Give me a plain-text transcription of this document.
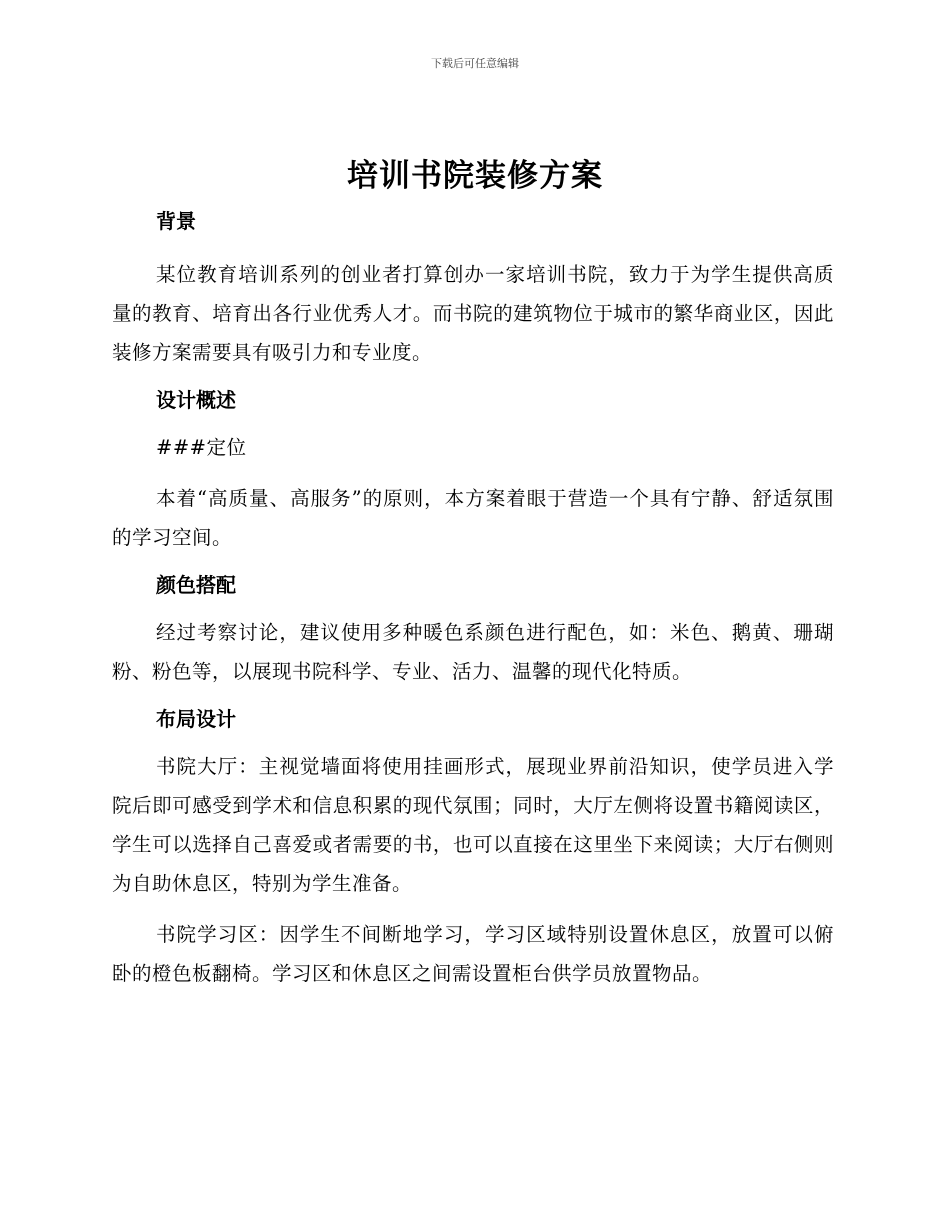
下载后可任意编辑
培训书院装修方案
背景

某位教育培训系列的创业者打算创办一家培训书院，致力于为学生提供高质量的教育、培育出各行业优秀人才。而书院的建筑物位于城市的繁华商业区，因此装修方案需要具有吸引力和专业度。

设计概述

###定位

本着“高质量、高服务”的原则，本方案着眼于营造一个具有宁静、舒适氛围的学习空间。

颜色搭配

经过考察讨论，建议使用多种暖色系颜色进行配色，如：米色、鹅黄、珊瑚粉、粉色等，以展现书院科学、专业、活力、温馨的现代化特质。

布局设计

书院大厅：主视觉墙面将使用挂画形式，展现业界前沿知识，使学员进入学院后即可感受到学术和信息积累的现代氛围；同时，大厅左侧将设置书籍阅读区，学生可以选择自己喜爱或者需要的书，也可以直接在这里坐下来阅读；大厅右侧则为自助休息区，特别为学生准备。

书院学习区：因学生不间断地学习，学习区域特别设置休息区，放置可以俯卧的橙色板翻椅。学习区和休息区之间需设置柜台供学员放置物品。
